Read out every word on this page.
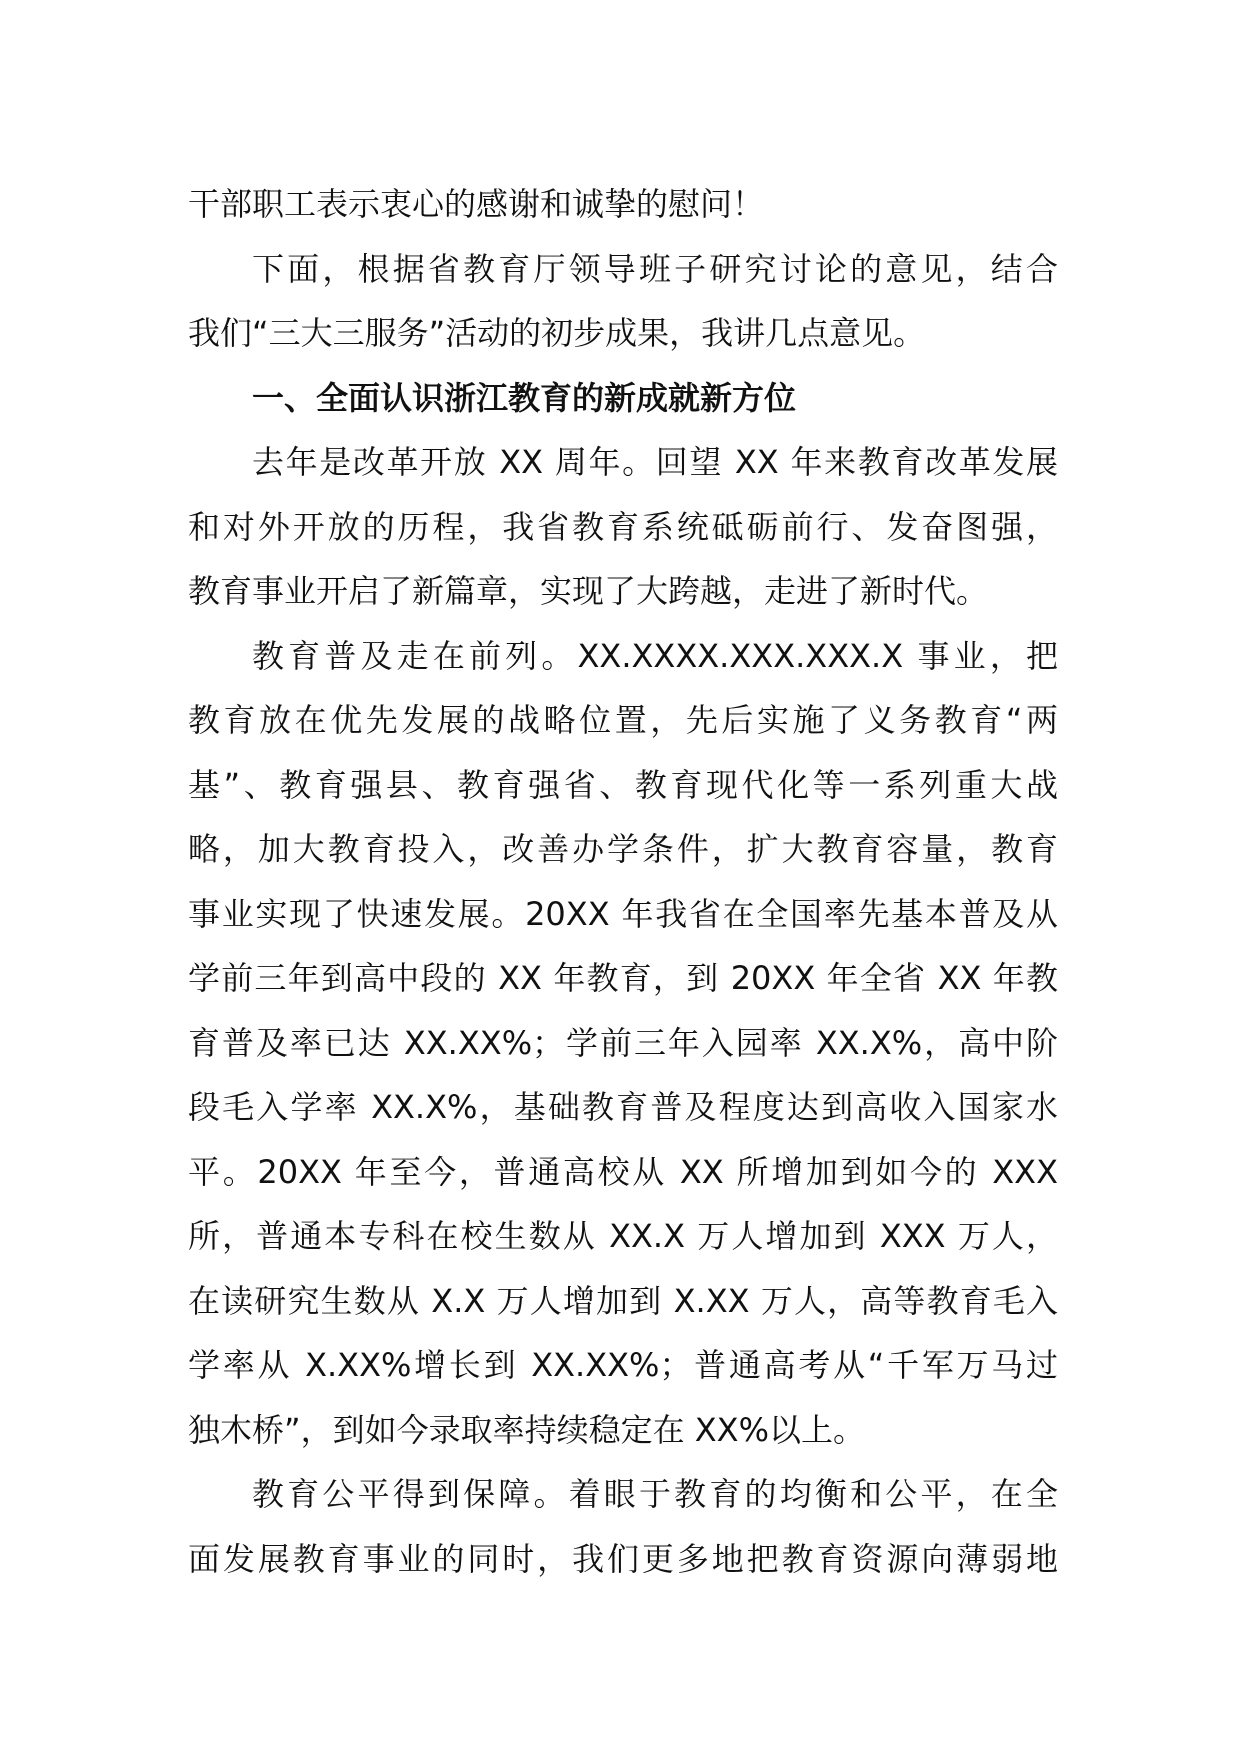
干部职工表示衷心的感谢和诚挚的慰问！
下面，根据省教育厅领导班子研究讨论的意见，结合
我们“三大三服务”活动的初步成果，我讲几点意见。
一、全面认识浙江教育的新成就新方位
去年是改革开放 XX 周年。回望 XX 年来教育改革发展
和对外开放的历程，我省教育系统砥砺前行、发奋图强，
教育事业开启了新篇章，实现了大跨越，走进了新时代。
教育普及走在前列。XX.XXXX.XXX.XXX.X 事业，把
教育放在优先发展的战略位置，先后实施了义务教育“两
基”、教育强县、教育强省、教育现代化等一系列重大战
略，加大教育投入，改善办学条件，扩大教育容量，教育
事业实现了快速发展。20XX 年我省在全国率先基本普及从
学前三年到高中段的 XX 年教育，到 20XX 年全省 XX 年教
育普及率已达 XX.XX%；学前三年入园率 XX.X%，高中阶
段毛入学率 XX.X%，基础教育普及程度达到高收入国家水
平。20XX 年至今，普通高校从 XX 所增加到如今的 XXX
所，普通本专科在校生数从 XX.X 万人增加到 XXX 万人，
在读研究生数从 X.X 万人增加到 X.XX 万人，高等教育毛入
学率从 X.XX%增长到 XX.XX%；普通高考从“千军万马过
独木桥”，到如今录取率持续稳定在 XX%以上。
教育公平得到保障。着眼于教育的均衡和公平，在全
面发展教育事业的同时，我们更多地把教育资源向薄弱地
